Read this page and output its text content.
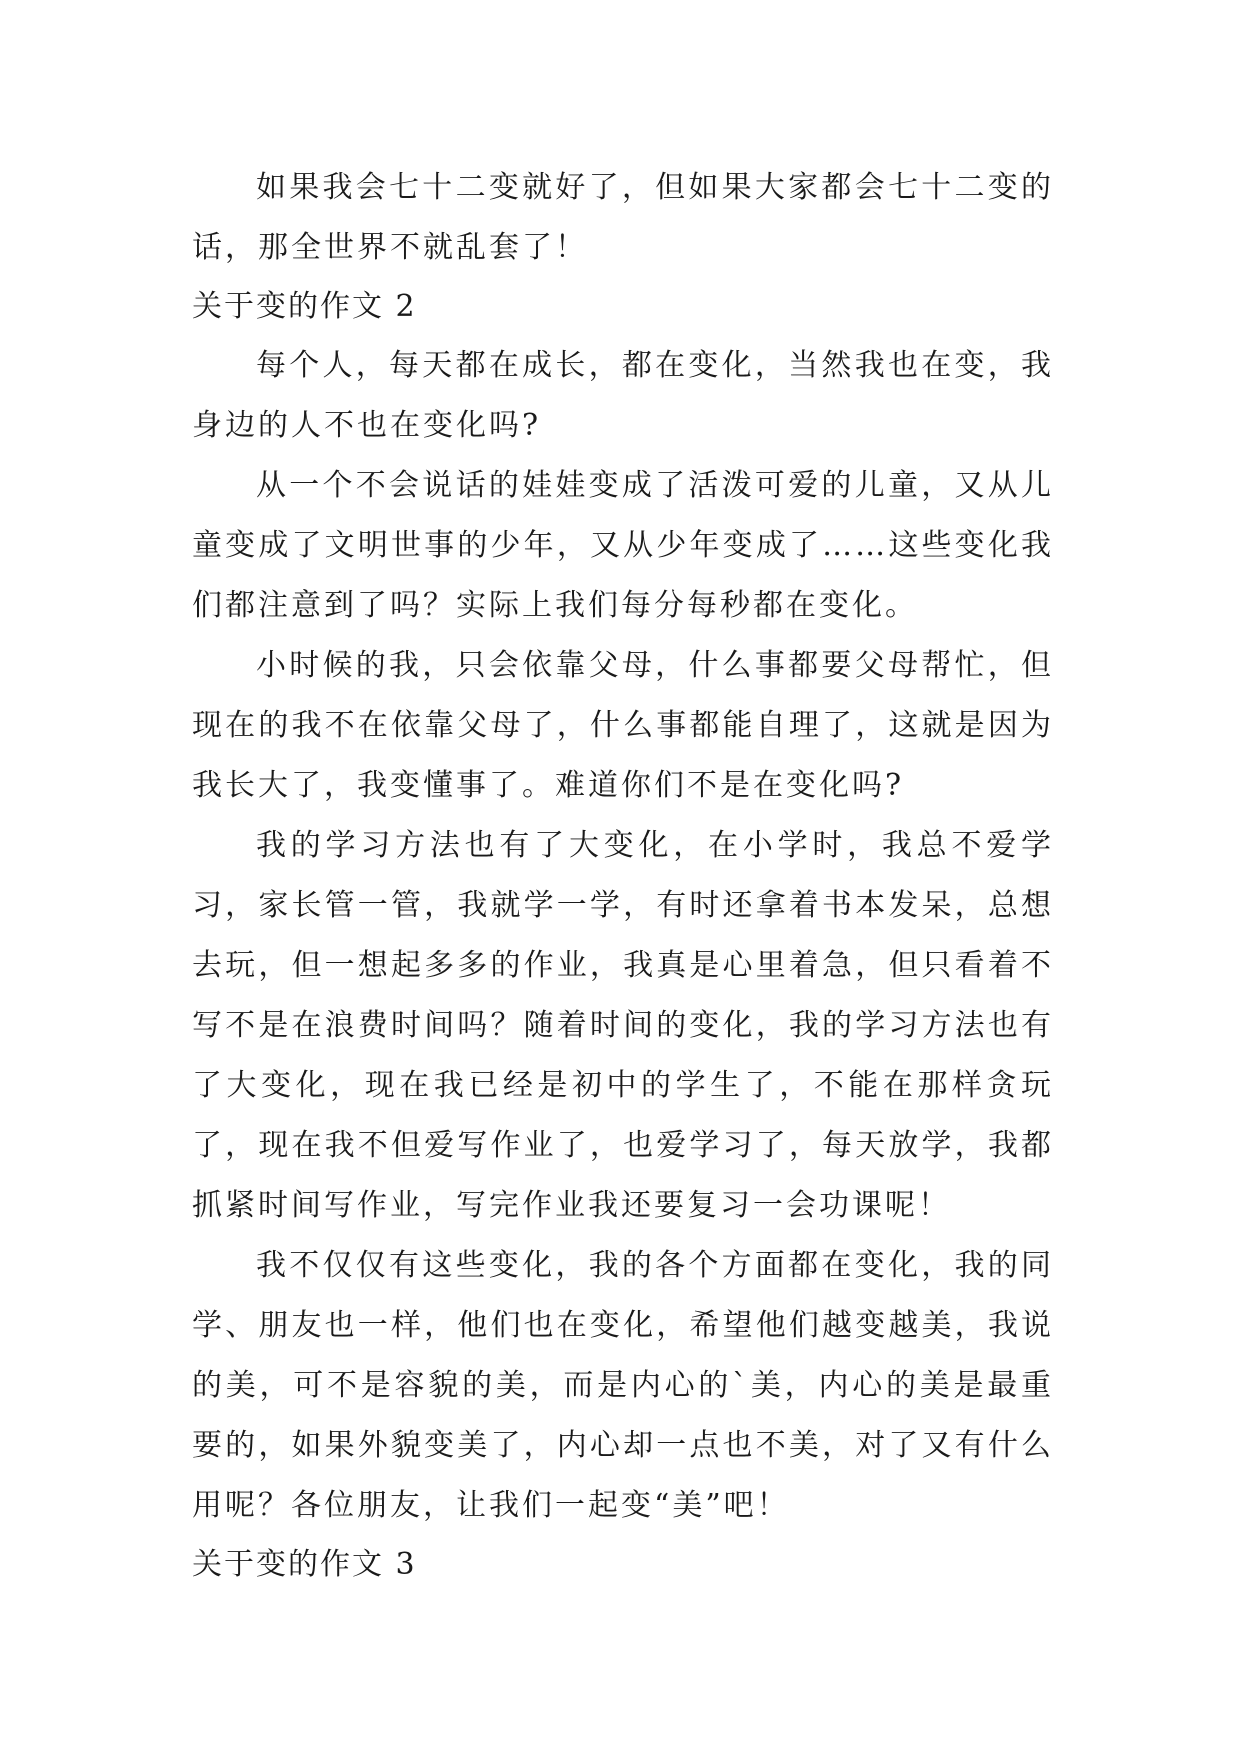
如果我会七十二变就好了，但如果大家都会七十二变的话，那全世界不就乱套了！

关于变的作文 2

每个人，每天都在成长，都在变化，当然我也在变，我身边的人不也在变化吗?

从一个不会说话的娃娃变成了活泼可爱的儿童，又从儿童变成了文明世事的少年，又从少年变成了……这些变化我们都注意到了吗？实际上我们每分每秒都在变化。

小时候的我，只会依靠父母，什么事都要父母帮忙，但现在的我不在依靠父母了，什么事都能自理了，这就是因为我长大了，我变懂事了。难道你们不是在变化吗?

我的学习方法也有了大变化，在小学时，我总不爱学习，家长管一管，我就学一学，有时还拿着书本发呆，总想去玩，但一想起多多的作业，我真是心里着急，但只看着不写不是在浪费时间吗？随着时间的变化，我的学习方法也有了大变化，现在我已经是初中的学生了，不能在那样贪玩了，现在我不但爱写作业了，也爱学习了，每天放学，我都抓紧时间写作业，写完作业我还要复习一会功课呢！

我不仅仅有这些变化，我的各个方面都在变化，我的同学、朋友也一样，他们也在变化，希望他们越变越美，我说的美，可不是容貌的美，而是内心的`美，内心的美是最重要的，如果外貌变美了，内心却一点也不美，对了又有什么用呢？各位朋友，让我们一起变“美”吧！

关于变的作文 3
